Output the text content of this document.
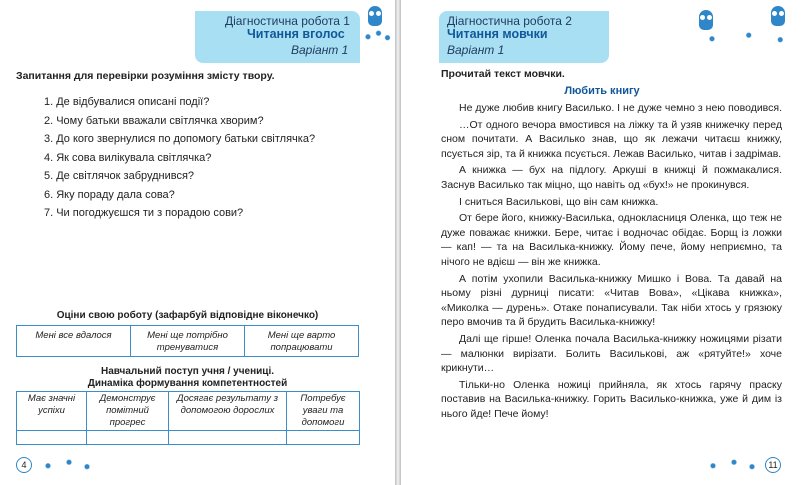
Діагностична робота 1
Читання вголос
Варіант 1
Запитання для перевірки розуміння змісту твору.
1. Де відбувалися описані події?
2. Чому батьки вважали світлячка хворим?
3. До кого звернулися по допомогу батьки світлячка?
4. Як сова вилікувала світлячка?
5. Де світлячок забруднився?
6. Яку пораду дала сова?
7. Чи погоджуєшся ти з порадою сови?
Оціни свою роботу (зафарбуй відповідне віконечко)
Мені все вдалося	Мені ще потрібно тренуватися	Мені ще варто попрацювати
Навчальний поступ учня / учениці.
Динаміка формування компетентностей
Має значні успіхи	Демонструє помітний прогрес	Досягає результату з допомогою дорослих	Потребує уваги та допомоги

4
Діагностична робота 2
Читання мовчки
Варіант 1
Прочитай текст мовчки.
Любить книгу

Не дуже любив книгу Василько. І не дуже чемно з нею поводився.

…От одного вечора вмостився на ліжку та й узяв книжечку перед сном почитати. А Василько знав, що як лежачи читаєш книжку, псується зір, та й книжка псується. Лежав Василько, читав і задрімав.

А книжка — бух на підлогу. Аркуші в книжці й пожмакалися. Заснув Василько так міцно, що навіть од «бух!» не прокинувся.

І сниться Васильκові, що він сам книжка.

От бере його, книжку-Василька, однокласниця Оленка, що теж не дуже поважає книжки. Бере, читає і водночас обідає. Борщ із ложки — кап! — та на Василька-книжку. Йому пече, йому неприємно, та нічого не вдієш — він же книжка.

А потім ухопили Василька-книжку Мишко і Вова. Та давай на ньому різні дурниці писати: «Читав Вова», «Цікава книжка», «Миколка — дурень». Отаке понаписували. Так ніби хтось у грязюку перо вмочив та й брудить Василька-книжку!

Далі ще гірше! Оленка почала Василька-книжку ножицями різати — малюнки вирізати. Болить Васильκові, аж «рятуйте!» хоче крикнути…

Тільки-но Оленка ножиці прийняла, як хтось гарячу праску поставив на Василька-книжку. Горить Василько-книжка, уже й дим із нього йде! Пече йому!

11
